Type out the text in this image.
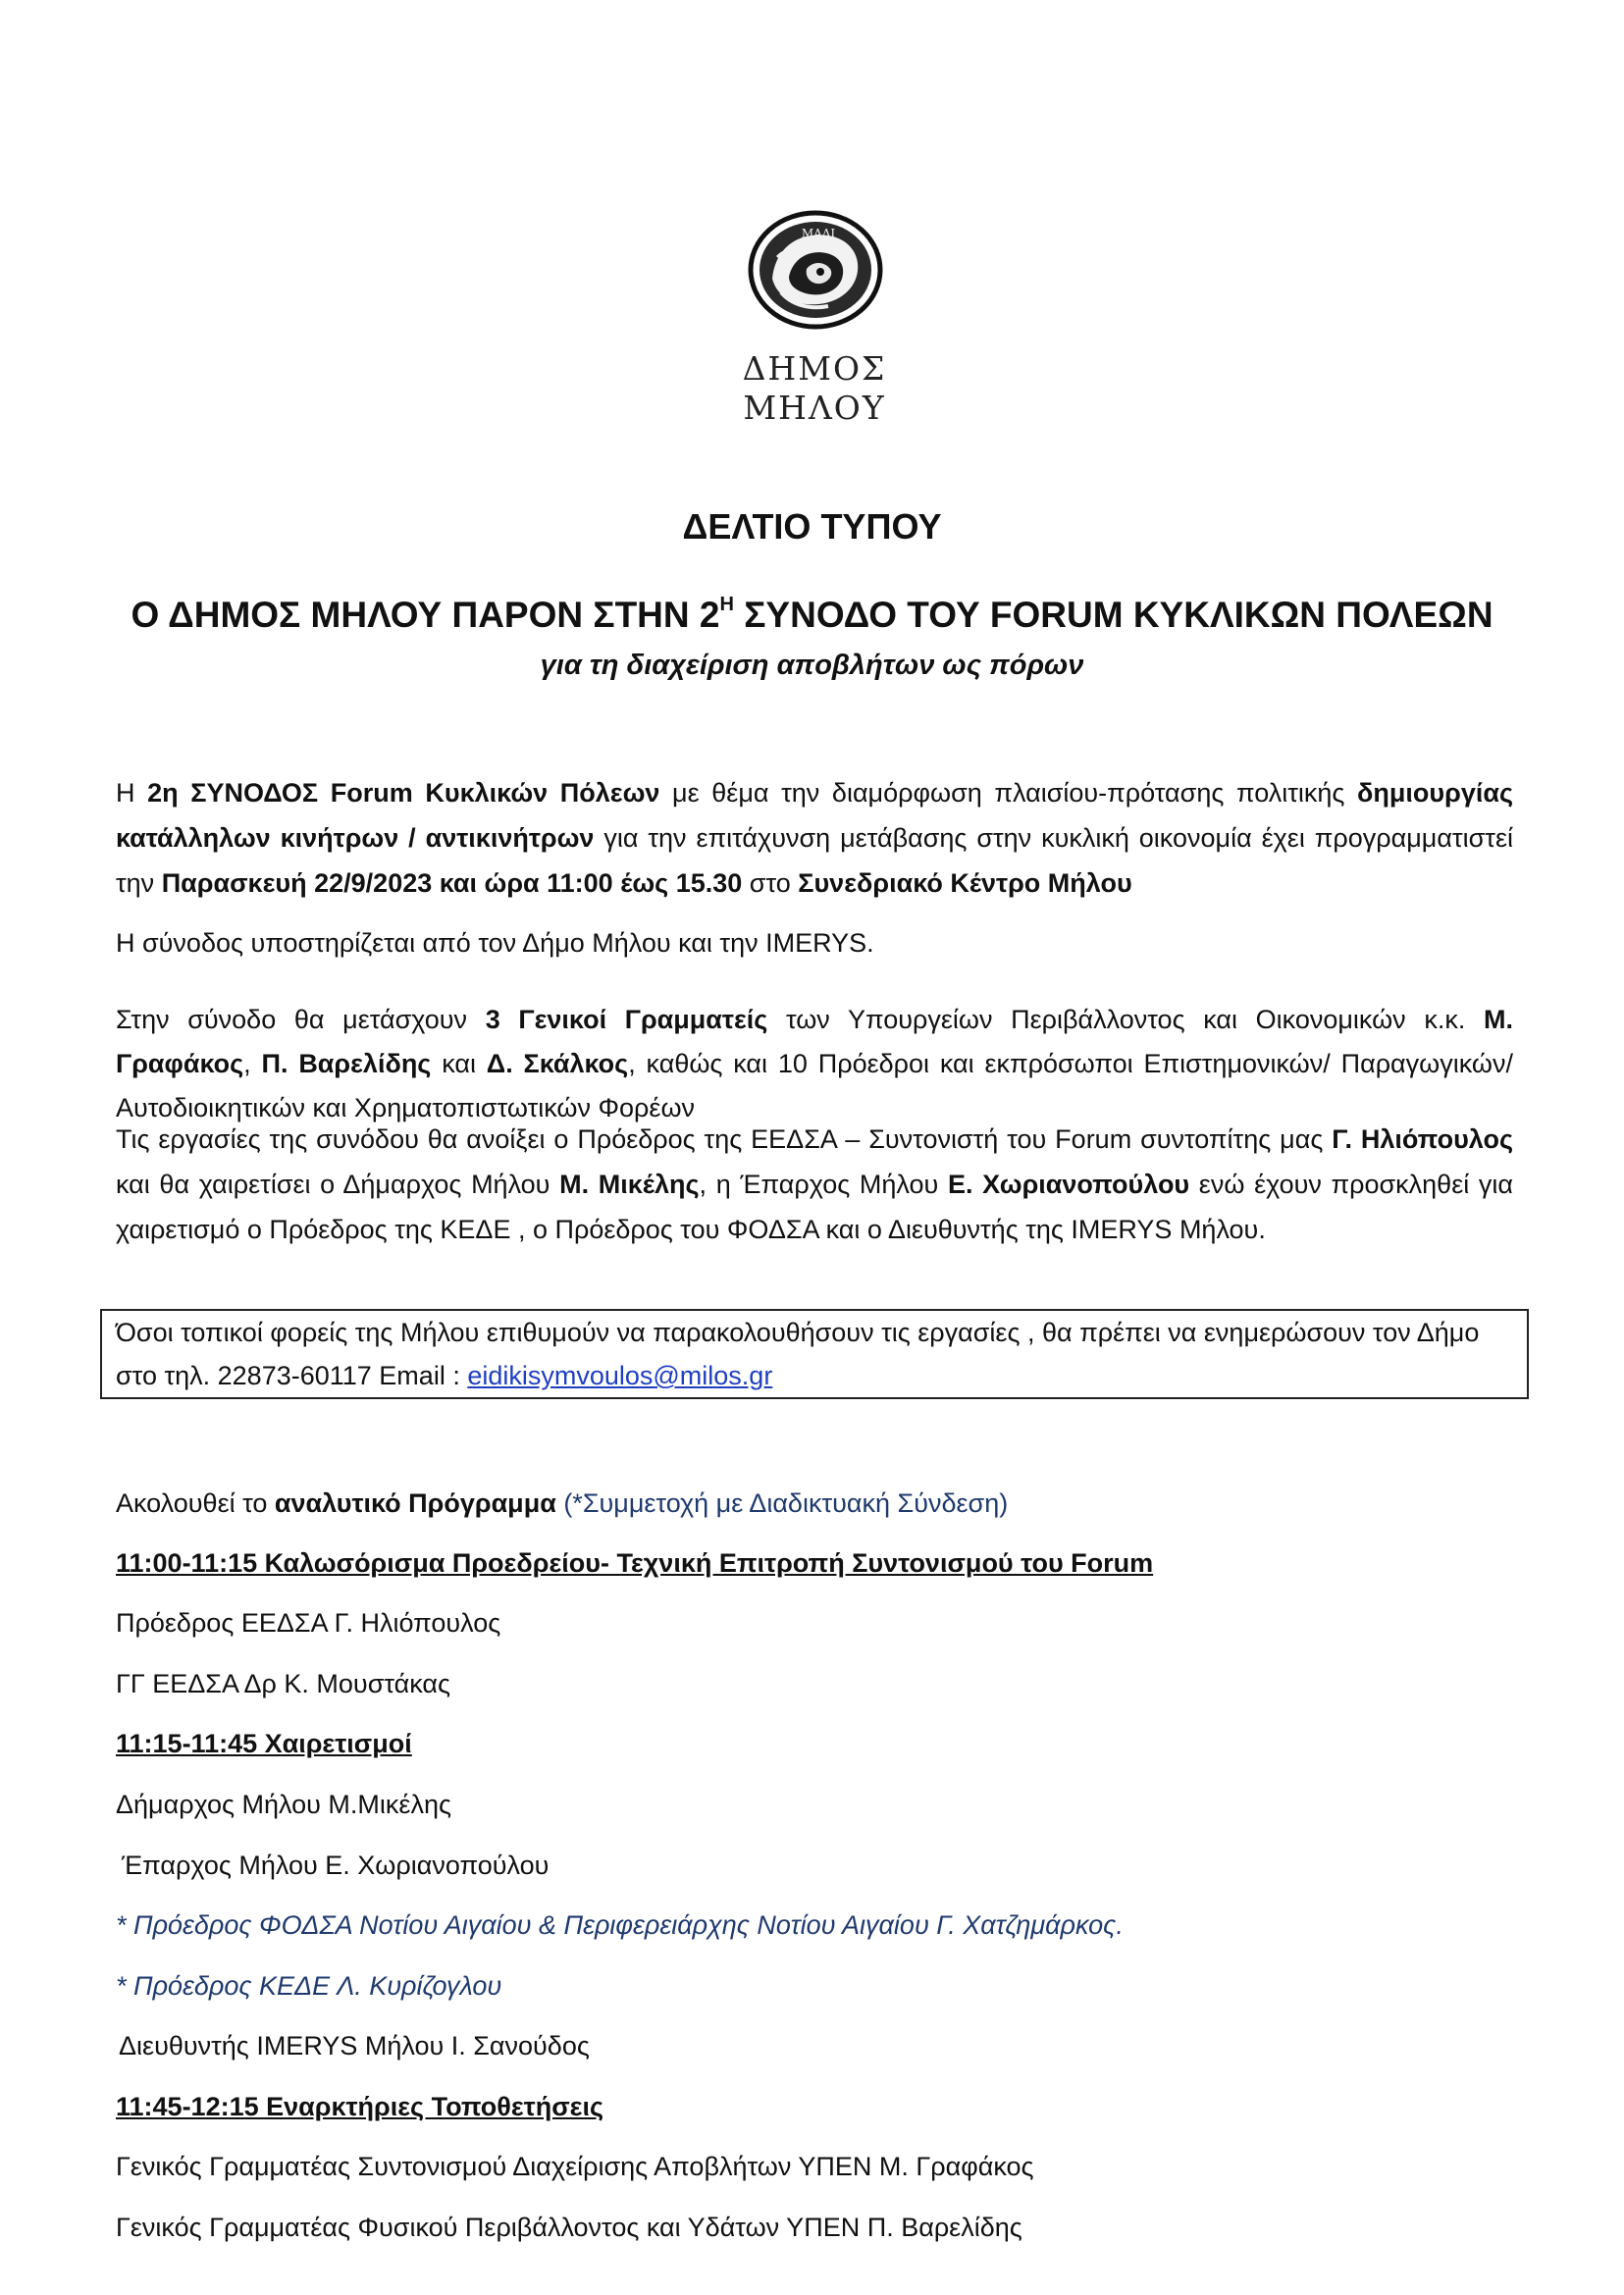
ΜΑΛΙ
ΔΗΜΟΣ
ΜΗΛΟΥ
ΔΕΛΤΙΟ ΤΥΠΟΥ
Ο ΔΗΜΟΣ ΜΗΛΟΥ ΠΑΡΟΝ ΣΤΗΝ $2^H$ ΣΥΝΟΔΟ ΤΟΥ FORUM ΚΥΚΛΙΚΩΝ ΠΟΛΕΩΝ
για τη διαχείριση αποβλήτων ως πόρων
Η 2η ΣΥΝΟΔΟΣ Forum Κυκλικών Πόλεων με θέμα την διαμόρφωση πλαισίου-πρότασης πολιτικής δημιουργίας κατάλληλων κινήτρων / αντικινήτρων για την επιτάχυνση μετάβασης στην κυκλική οικονομία έχει προγραμματιστεί την Παρασκευή 22/9/2023 και ώρα 11:00 έως 15.30 στο Συνεδριακό Κέντρο Μήλου
Η σύνοδος υποστηρίζεται από τον Δήμο Μήλου και την IMERYS.
Στην σύνοδο θα μετάσχουν 3 Γενικοί Γραμματείς των Υπουργείων Περιβάλλοντος και Οικονομικών κ.κ. Μ. Γραφάκος, Π. Βαρελίδης και Δ. Σκάλκος, καθώς και 10 Πρόεδροι και εκπρόσωποι Επιστημονικών/ Παραγωγικών/Αυτοδιοικητικών και Χρηματοπιστωτικών Φορέων
Τις εργασίες της συνόδου θα ανοίξει ο Πρόεδρος της ΕΕΔΣΑ – Συντονιστή του Forum συντοπίτης μας Γ. Ηλιόπουλος και θα χαιρετίσει ο Δήμαρχος Μήλου Μ. Μικέλης, η Έπαρχος Μήλου Ε. Χωριανοπούλου ενώ έχουν προσκληθεί για χαιρετισμό ο Πρόεδρος της ΚΕΔΕ , ο Πρόεδρος του ΦΟΔΣΑ και ο Διευθυντής της IMERYS Μήλου.
Όσοι τοπικοί φορείς της Μήλου επιθυμούν να παρακολουθήσουν τις εργασίες , θα πρέπει να ενημερώσουν τον Δήμο στο τηλ. 22873-60117 Email : eidikisymvoulos@milos.gr
Ακολουθεί το αναλυτικό Πρόγραμμα (*Συμμετοχή με Διαδικτυακή Σύνδεση)
11:00-11:15 Καλωσόρισμα Προεδρείου- Τεχνική Επιτροπή Συντονισμού του Forum
Πρόεδρος ΕΕΔΣΑ Γ. Ηλιόπουλος
ΓΓ ΕΕΔΣΑ Δρ Κ. Μουστάκας
11:15-11:45 Χαιρετισμοί
Δήμαρχος Μήλου Μ.Μικέλης
Έπαρχος Μήλου Ε. Χωριανοπούλου
* Πρόεδρος ΦΟΔΣΑ Νοτίου Αιγαίου & Περιφερειάρχης Νοτίου Αιγαίου Γ. Χατζημάρκος.
* Πρόεδρος ΚΕΔΕ Λ. Κυρίζογλου
Διευθυντής IMERYS Μήλου Ι. Σανούδος
11:45-12:15 Εναρκτήριες Τοποθετήσεις
Γενικός Γραμματέας Συντονισμού Διαχείρισης Αποβλήτων ΥΠΕΝ Μ. Γραφάκος
Γενικός Γραμματέας Φυσικού Περιβάλλοντος και Υδάτων ΥΠΕΝ Π. Βαρελίδης
